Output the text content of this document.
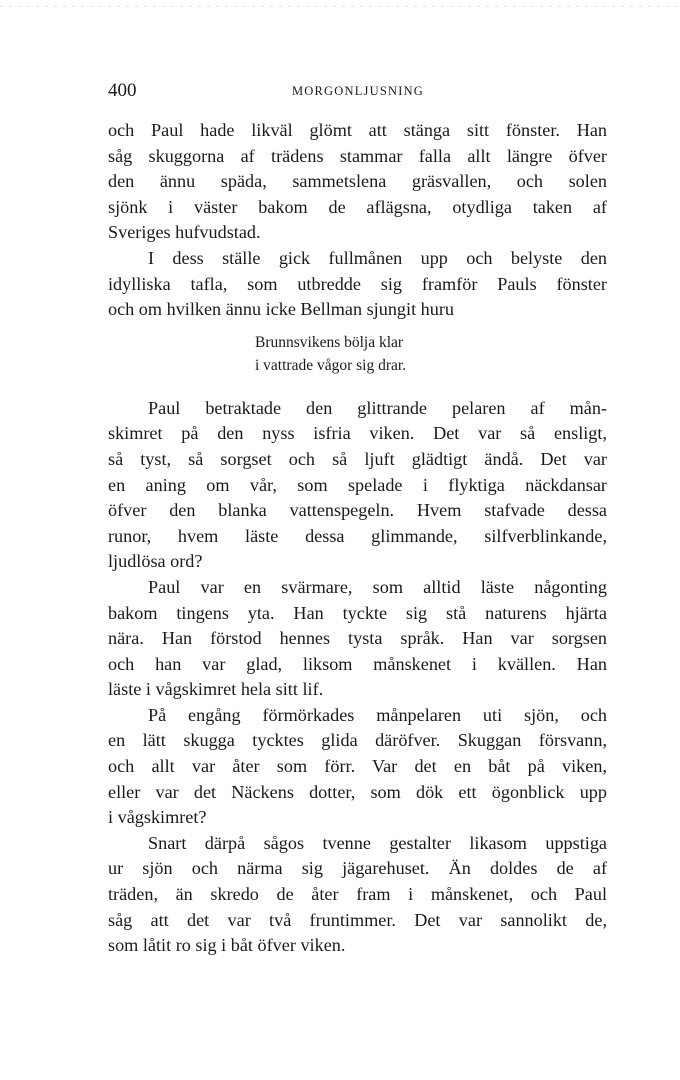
400	MORGONLJUSNING

och Paul hade likväl glömt att stänga sitt fönster. Han
såg skuggorna af trädens stammar falla allt längre öfver
den ännu späda, sammetslena gräsvallen, och solen
sjönk i väster bakom de aflägsna, otydliga taken af
Sveriges hufvudstad.

I dess ställe gick fullmånen upp och belyste den
idylliska tafla, som utbredde sig framför Pauls fönster
och om hvilken ännu icke Bellman sjungit huru

Brunnsvikens bölja klar
i vattrade vågor sig drar.

Paul betraktade den glittrande pelaren af mån-
skimret på den nyss isfria viken. Det var så ensligt,
så tyst, så sorgset och så ljuft glädtigt ändå. Det var
en aning om vår, som spelade i flyktiga näckdansar
öfver den blanka vattenspegeln. Hvem stafvade dessa
runor, hvem läste dessa glimmande, silfverblinkande,
ljudlösa ord?

Paul var en svärmare, som alltid läste någonting
bakom tingens yta. Han tyckte sig stå naturens hjärta
nära. Han förstod hennes tysta språk. Han var sorgsen
och han var glad, liksom månskenet i kvällen. Han
läste i vågskimret hela sitt lif.

På engång förmörkades månpelaren uti sjön, och
en lätt skugga tycktes glida däröfver. Skuggan försvann,
och allt var åter som förr. Var det en båt på viken,
eller var det Näckens dotter, som dök ett ögonblick upp
i vågskimret?

Snart därpå sågos tvenne gestalter likasom uppstiga
ur sjön och närma sig jägarehuset. Än doldes de af
träden, än skredo de åter fram i månskenet, och Paul
såg att det var två fruntimmer. Det var sannolikt de,
som låtit ro sig i båt öfver viken.
